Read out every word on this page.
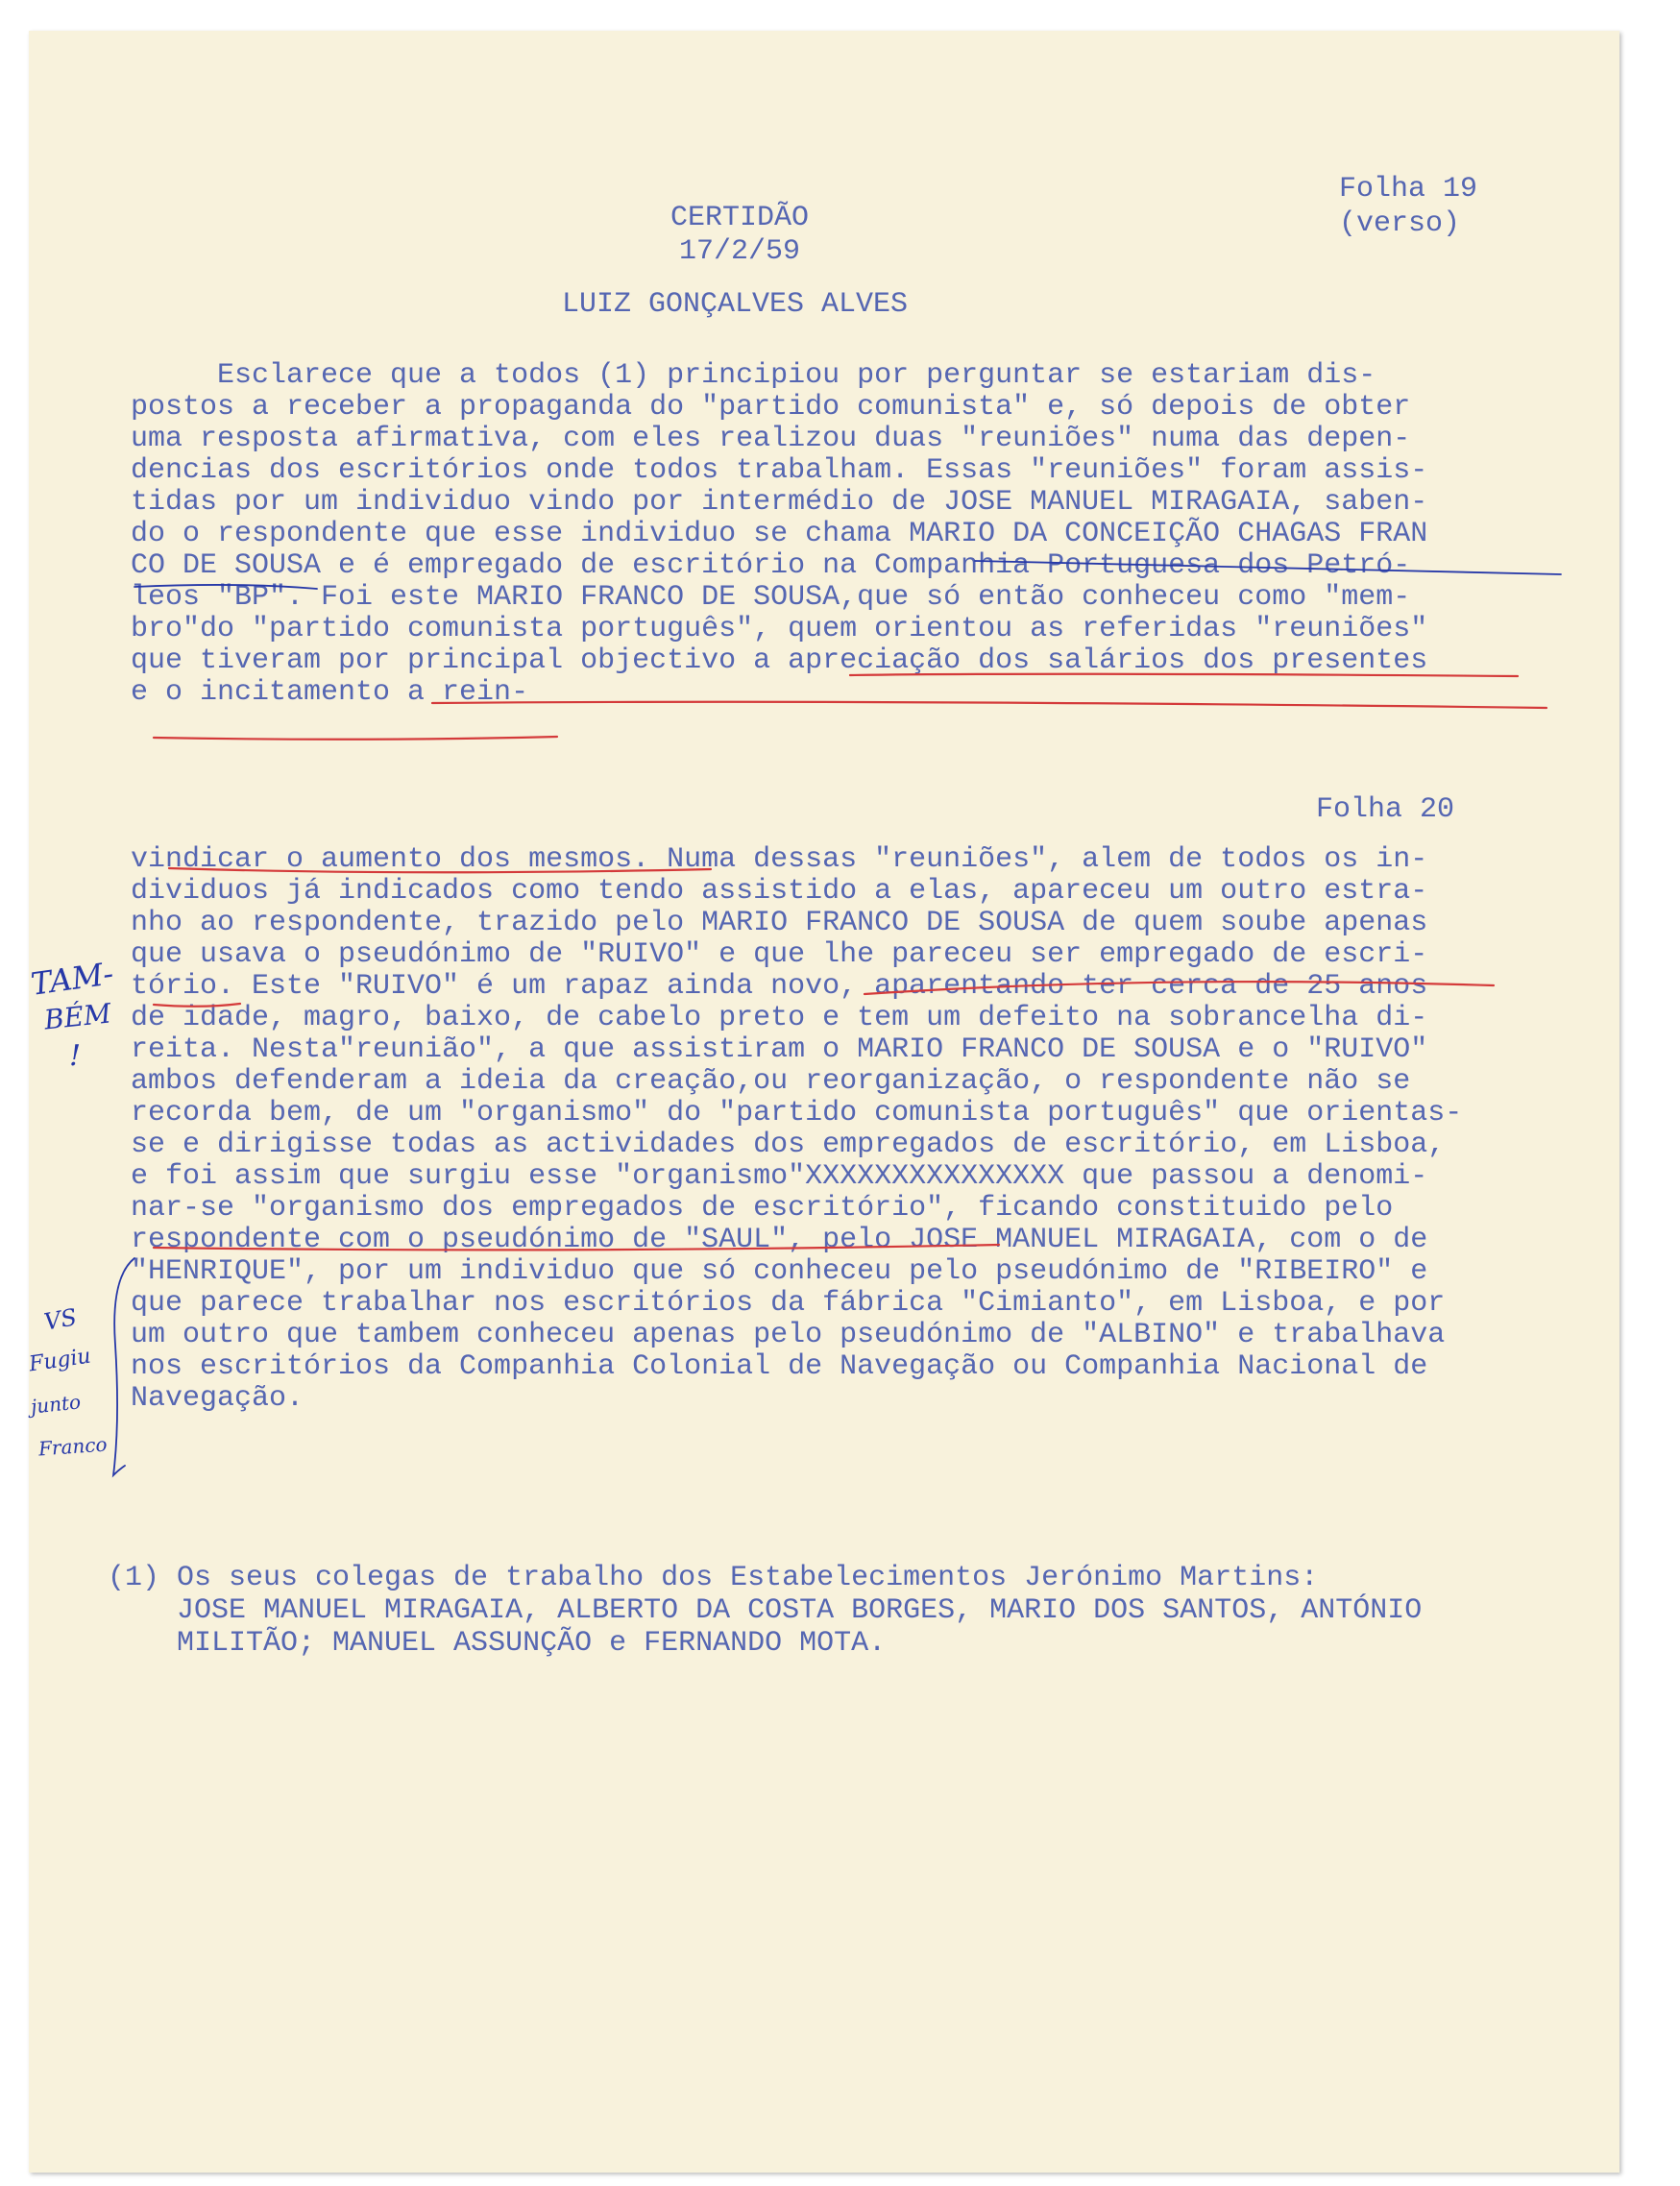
CERTIDÃO
17/2/59
LUIZ GONÇALVES ALVES
Folha 19
(verso)

Esclarece que a todos (1) principiou por perguntar se estariam dis-

postos a receber a propaganda do "partido comunista" e, só depois de obter

uma resposta afirmativa, com eles realizou duas "reuniões" numa das depen-

dencias dos escritórios onde todos trabalham. Essas "reuniões" foram assis-

tidas por um individuo vindo por intermédio de JOSE MANUEL MIRAGAIA, saben-

do o respondente que esse individuo se chama MARIO DA CONCEIÇÃO CHAGAS FRAN

CO DE SOUSA e é empregado de escritório na Companhia Portuguesa dos Petró-

leos "BP". Foi este MARIO FRANCO DE SOUSA,que só então conheceu como "mem-

bro"do "partido comunista português", quem orientou as referidas "reuniões"

que tiveram por principal objectivo a apreciação dos salários dos presentes

e o incitamento a rein-

Folha 20

vindicar o aumento dos mesmos. Numa dessas "reuniões", alem de todos os in-

dividuos já indicados como tendo assistido a elas, apareceu um outro estra-

nho ao respondente, trazido pelo MARIO FRANCO DE SOUSA de quem soube apenas

que usava o pseudónimo de "RUIVO" e que lhe pareceu ser empregado de escri-

tório. Este "RUIVO" é um rapaz ainda novo, aparentando ter cerca de 25 anos

de idade, magro, baixo, de cabelo preto e tem um defeito na sobrancelha di-

reita. Nesta"reunião", a que assistiram o MARIO FRANCO DE SOUSA e o "RUIVO"

ambos defenderam a ideia da creação,ou reorganização, o respondente não se

recorda bem, de um "organismo" do "partido comunista português" que orientas-

se e dirigisse todas as actividades dos empregados de escritório, em Lisboa,

e foi assim que surgiu esse "organismo"XXXXXXXXXXXXXXX que passou a denomi-

nar-se "organismo dos empregados de escritório", ficando constituido pelo

respondente com o pseudónimo de "SAUL", pelo JOSE MANUEL MIRAGAIA, com o de

"HENRIQUE", por um individuo que só conheceu pelo pseudónimo de "RIBEIRO" e

que parece trabalhar nos escritórios da fábrica "Cimianto", em Lisboa, e por

um outro que tambem conheceu apenas pelo pseudónimo de "ALBINO" e trabalhava

nos escritórios da Companhia Colonial de Navegação ou Companhia Nacional de

Navegação.

(1) Os seus colegas de trabalho dos Estabelecimentos Jerónimo Martins:

JOSE MANUEL MIRAGAIA, ALBERTO DA COSTA BORGES, MARIO DOS SANTOS, ANTÓNIO

MILITÃO; MANUEL ASSUNÇÃO e FERNANDO MOTA.

TAM-
BÉM
!
VS
Fugiu
junto
Franco
